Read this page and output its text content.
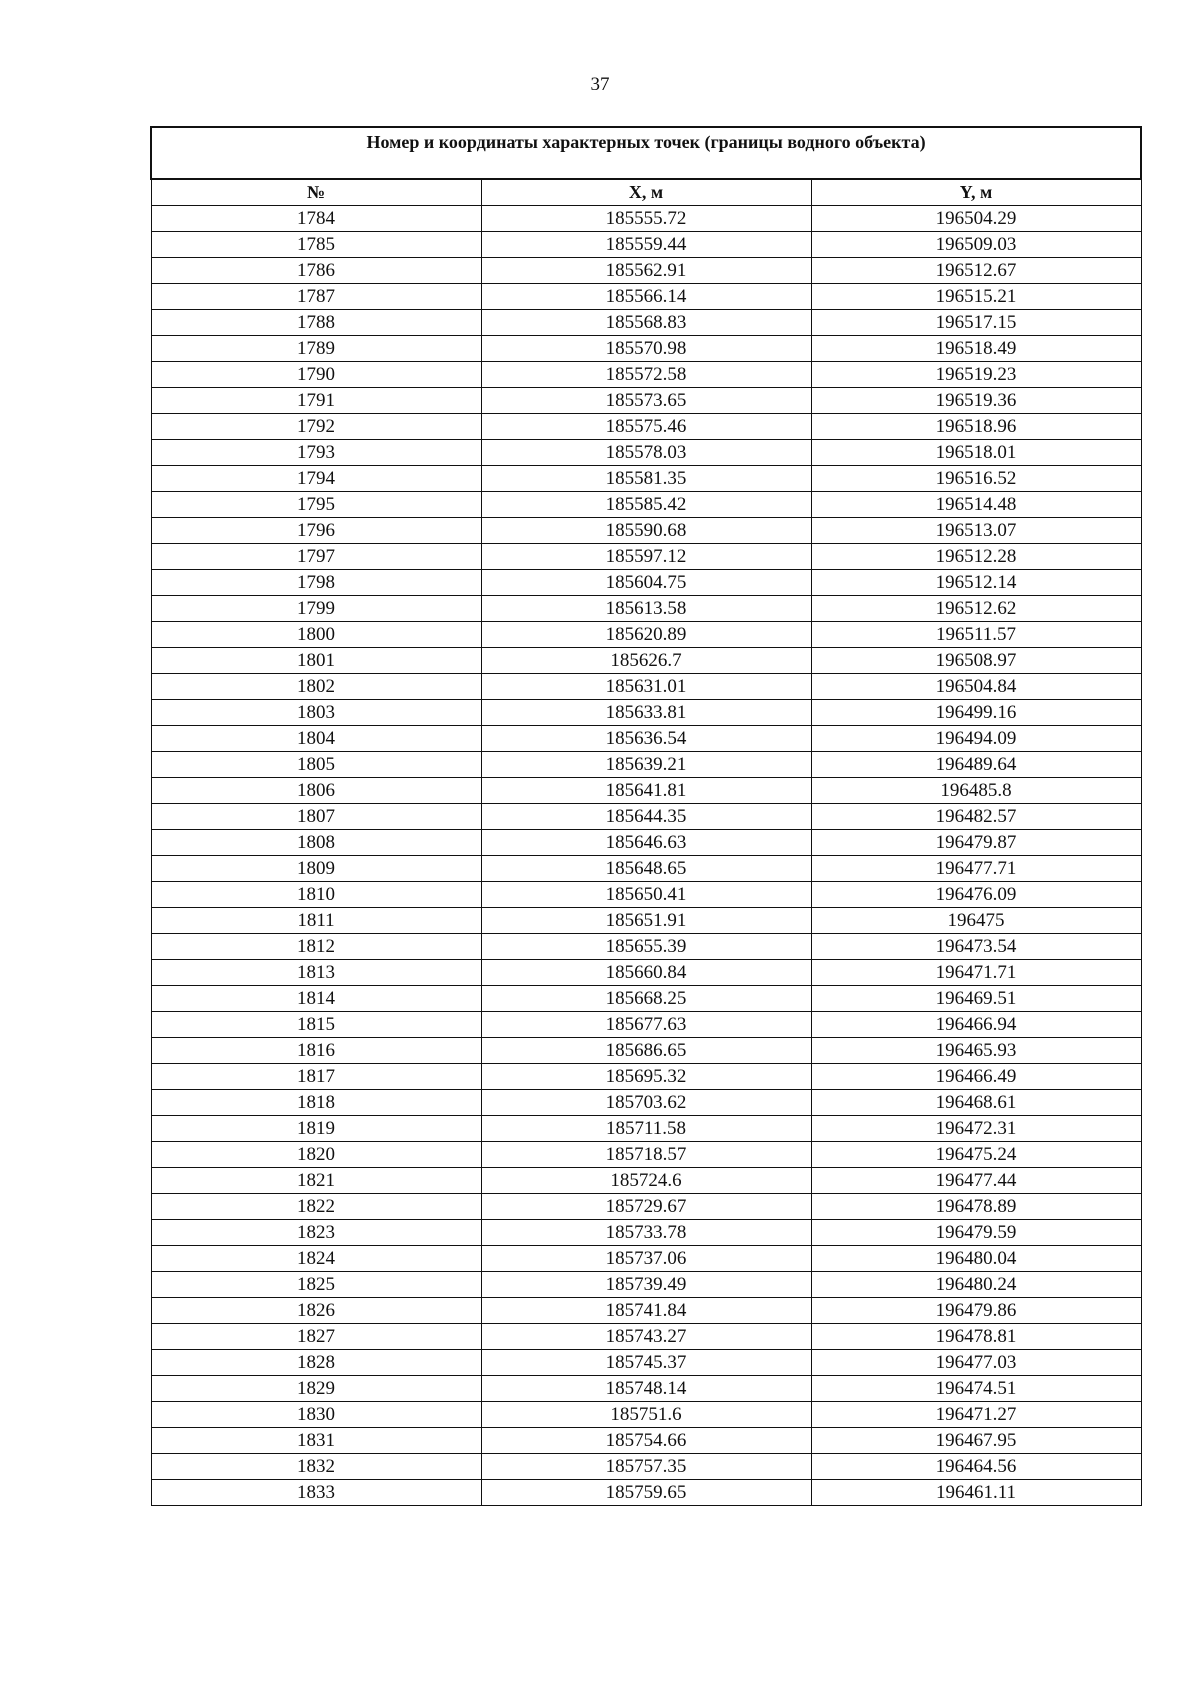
37
Номер и координаты характерных точек (границы водного объекта)		
№	X, м	Y, м
1784	185555.72	196504.29
1785	185559.44	196509.03
1786	185562.91	196512.67
1787	185566.14	196515.21
1788	185568.83	196517.15
1789	185570.98	196518.49
1790	185572.58	196519.23
1791	185573.65	196519.36
1792	185575.46	196518.96
1793	185578.03	196518.01
1794	185581.35	196516.52
1795	185585.42	196514.48
1796	185590.68	196513.07
1797	185597.12	196512.28
1798	185604.75	196512.14
1799	185613.58	196512.62
1800	185620.89	196511.57
1801	185626.7	196508.97
1802	185631.01	196504.84
1803	185633.81	196499.16
1804	185636.54	196494.09
1805	185639.21	196489.64
1806	185641.81	196485.8
1807	185644.35	196482.57
1808	185646.63	196479.87
1809	185648.65	196477.71
1810	185650.41	196476.09
1811	185651.91	196475
1812	185655.39	196473.54
1813	185660.84	196471.71
1814	185668.25	196469.51
1815	185677.63	196466.94
1816	185686.65	196465.93
1817	185695.32	196466.49
1818	185703.62	196468.61
1819	185711.58	196472.31
1820	185718.57	196475.24
1821	185724.6	196477.44
1822	185729.67	196478.89
1823	185733.78	196479.59
1824	185737.06	196480.04
1825	185739.49	196480.24
1826	185741.84	196479.86
1827	185743.27	196478.81
1828	185745.37	196477.03
1829	185748.14	196474.51
1830	185751.6	196471.27
1831	185754.66	196467.95
1832	185757.35	196464.56
1833	185759.65	196461.11
